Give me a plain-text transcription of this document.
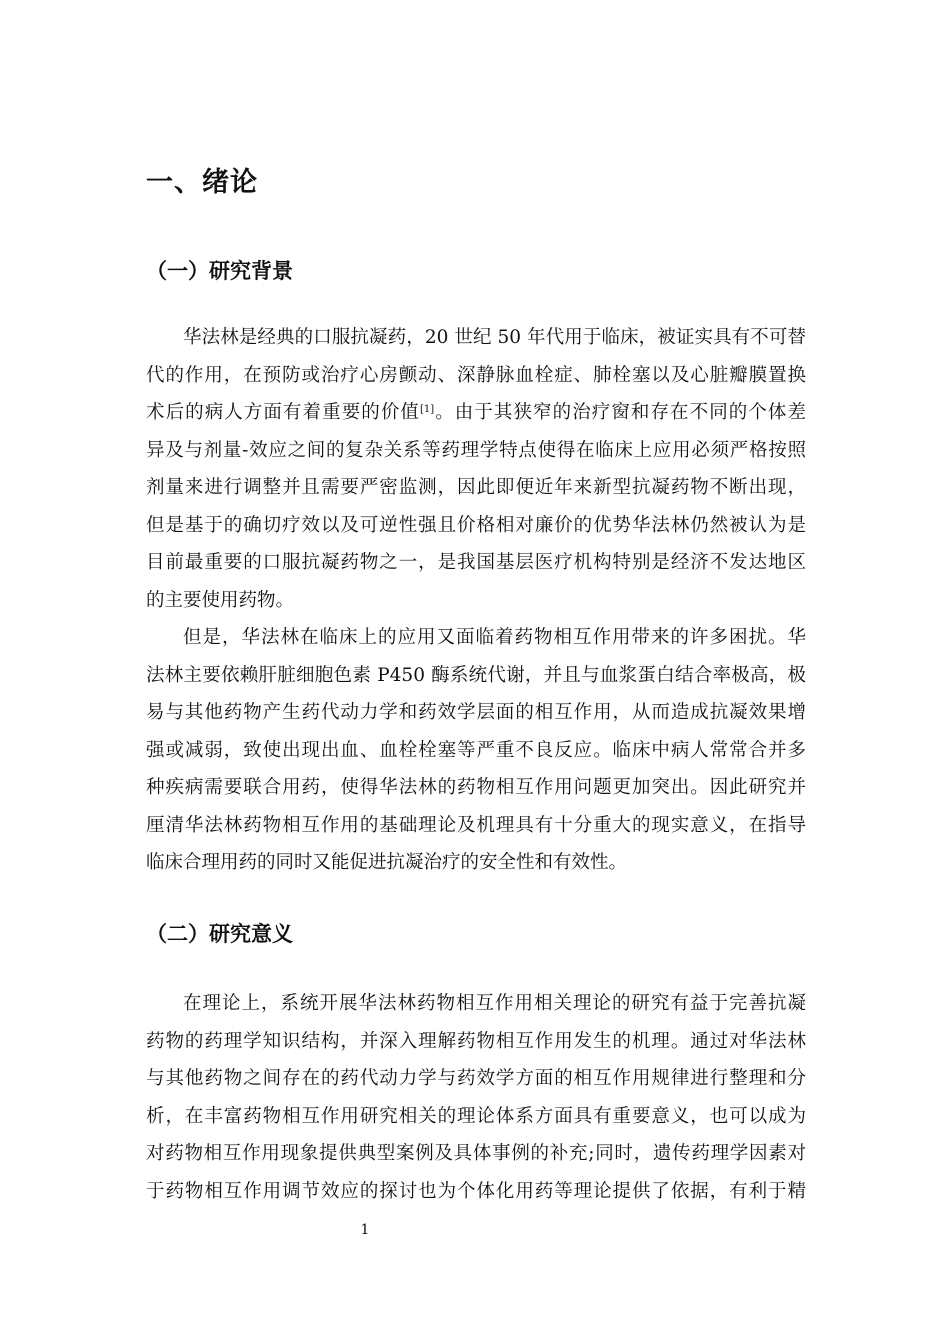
一、绪论
（一）研究背景
华法林是经典的口服抗凝药，20 世纪 50 年代用于临床，被证实具有不可替
代的作用，在预防或治疗心房颤动、深静脉血栓症、肺栓塞以及心脏瓣膜置换
术后的病人方面有着重要的价值[1]。由于其狭窄的治疗窗和存在不同的个体差
异及与剂量-效应之间的复杂关系等药理学特点使得在临床上应用必须严格按照
剂量来进行调整并且需要严密监测，因此即便近年来新型抗凝药物不断出现，
但是基于的确切疗效以及可逆性强且价格相对廉价的优势华法林仍然被认为是
目前最重要的口服抗凝药物之一，是我国基层医疗机构特别是经济不发达地区
的主要使用药物。
但是，华法林在临床上的应用又面临着药物相互作用带来的许多困扰。华
法林主要依赖肝脏细胞色素 P450 酶系统代谢，并且与血浆蛋白结合率极高，极
易与其他药物产生药代动力学和药效学层面的相互作用，从而造成抗凝效果增
强或减弱，致使出现出血、血栓栓塞等严重不良反应。临床中病人常常合并多
种疾病需要联合用药，使得华法林的药物相互作用问题更加突出。因此研究并
厘清华法林药物相互作用的基础理论及机理具有十分重大的现实意义，在指导
临床合理用药的同时又能促进抗凝治疗的安全性和有效性。
（二）研究意义
在理论上，系统开展华法林药物相互作用相关理论的研究有益于完善抗凝
药物的药理学知识结构，并深入理解药物相互作用发生的机理。通过对华法林
与其他药物之间存在的药代动力学与药效学方面的相互作用规律进行整理和分
析，在丰富药物相互作用研究相关的理论体系方面具有重要意义，也可以成为
对药物相互作用现象提供典型案例及具体事例的补充;同时，遗传药理学因素对
于药物相互作用调节效应的探讨也为个体化用药等理论提供了依据，有利于精
1
